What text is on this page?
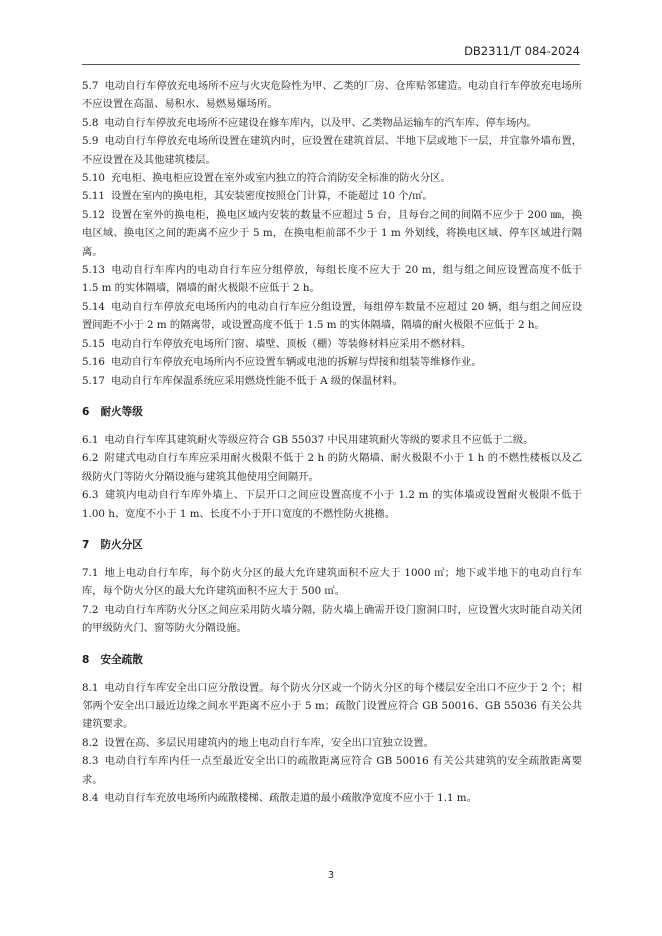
DB2311/T 084-2024

5.7 电动自行车停放充电场所不应与火灾危险性为甲、乙类的厂房、仓库贴邻建造。电动自行车停放充电场所不应设置在高温、易积水、易燃易爆场所。

5.8 电动自行车停放充电场所不应建设在修车库内，以及甲、乙类物品运输车的汽车库、停车场内。

5.9 电动自行车停放充电场所设置在建筑内时，应设置在建筑首层、半地下层或地下一层，并宜靠外墙布置，不应设置在及其他建筑楼层。

5.10 充电柜、换电柜应设置在室外或室内独立的符合消防安全标准的防火分区。

5.11 设置在室内的换电柜，其安装密度按照仓门计算，不能超过 10 个/㎡。

5.12 设置在室外的换电柜，换电区域内安装的数量不应超过 5 台，且每台之间的间隔不应少于 200 ㎜，换电区域、换电区之间的距离不应少于 5 m，在换电柜前部不少于 1 m 外划线，将换电区域、停车区域进行隔离。

5.13 电动自行车库内的电动自行车应分组停放，每组长度不应大于 20 m，组与组之间应设置高度不低于 1.5 m 的实体隔墙，隔墙的耐火极限不应低于 2 h。

5.14 电动自行车停放充电场所内的电动自行车应分组设置，每组停车数量不应超过 20 辆，组与组之间应设置间距不小于 2 m 的隔离带，或设置高度不低于 1.5 m 的实体隔墙，隔墙的耐火极限不应低于 2 h。

5.15 电动自行车停放充电场所门窗、墙壁、顶板（棚）等装修材料应采用不燃材料。

5.16 电动自行车停放充电场所内不应设置车辆或电池的拆解与焊接和组装等维修作业。

5.17 电动自行车库保温系统应采用燃烧性能不低于 A 级的保温材料。

6 耐火等级

6.1 电动自行车库其建筑耐火等级应符合 GB 55037 中民用建筑耐火等级的要求且不应低于二级。

6.2 附建式电动自行车库应采用耐火极限不低于 2 h 的防火隔墙、耐火极限不小于 1 h 的不燃性楼板以及乙级防火门等防火分隔设施与建筑其他使用空间隔开。

6.3 建筑内电动自行车库外墙上、下层开口之间应设置高度不小于 1.2 m 的实体墙或设置耐火极限不低于 1.00 h、宽度不小于 1 m、长度不小于开口宽度的不燃性防火挑檐。

7 防火分区

7.1 地上电动自行车库，每个防火分区的最大允许建筑面积不应大于 1000 ㎡；地下或半地下的电动自行车库，每个防火分区的最大允许建筑面积不应大于 500 ㎡。

7.2 电动自行车库防火分区之间应采用防火墙分隔，防火墙上确需开设门窗洞口时，应设置火灾时能自动关闭的甲级防火门、窗等防火分隔设施。

8 安全疏散

8.1 电动自行车库安全出口应分散设置。每个防火分区或一个防火分区的每个楼层安全出口不应少于 2 个；相邻两个安全出口最近边缘之间水平距离不应小于 5 m；疏散门设置应符合 GB 50016、GB 55036 有关公共建筑要求。

8.2 设置在高、多层民用建筑内的地上电动自行车库，安全出口宜独立设置。

8.3 电动自行车库内任一点至最近安全出口的疏散距离应符合 GB 50016 有关公共建筑的安全疏散距离要求。

8.4 电动自行车充放电场所内疏散楼梯、疏散走道的最小疏散净宽度不应小于 1.1 m。

3
